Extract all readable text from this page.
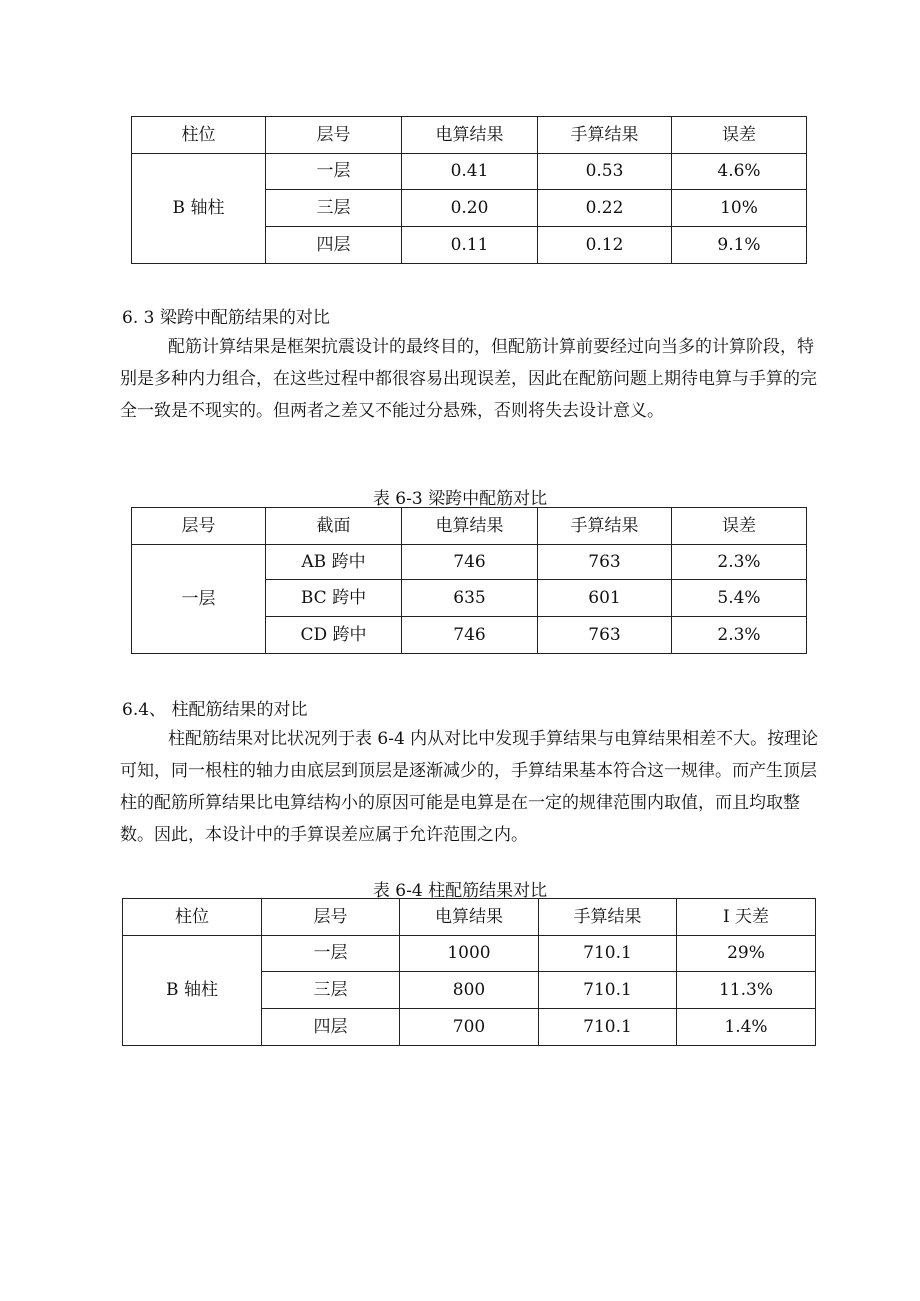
柱位	层号	电算结果	手算结果	误差
B 轴柱	一层	0.41	0.53	4.6%
	三层	0.20	0.22	10%
	四层	0.11	0.12	9.1%
6. 3 梁跨中配筋结果的对比
配筋计算结果是框架抗震设计的最终目的，但配筋计算前要经过向当多的计算阶段，特别是多种内力组合，在这些过程中都很容易出现误差，因此在配筋问题上期待电算与手算的完全一致是不现实的。但两者之差又不能过分悬殊，否则将失去设计意义。
表 6-3 梁跨中配筋对比
层号	截面	电算结果	手算结果	误差
一层	AB 跨中	746	763	2.3%
	BC 跨中	635	601	5.4%
	CD 跨中	746	763	2.3%
6.4、 柱配筋结果的对比
柱配筋结果对比状况列于表 6-4 内从对比中发现手算结果与电算结果相差不大。按理论可知，同一根柱的轴力由底层到顶层是逐渐减少的，手算结果基本符合这一规律。而产生顶层柱的配筋所算结果比电算结构小的原因可能是电算是在一定的规律范围内取值，而且均取整数。因此，本设计中的手算误差应属于允许范围之内。
表 6-4 柱配筋结果对比
柱位	层号	电算结果	手算结果	I 天差
B 轴柱	一层	1000	710.1	29%
	三层	800	710.1	11.3%
	四层	700	710.1	1.4%
